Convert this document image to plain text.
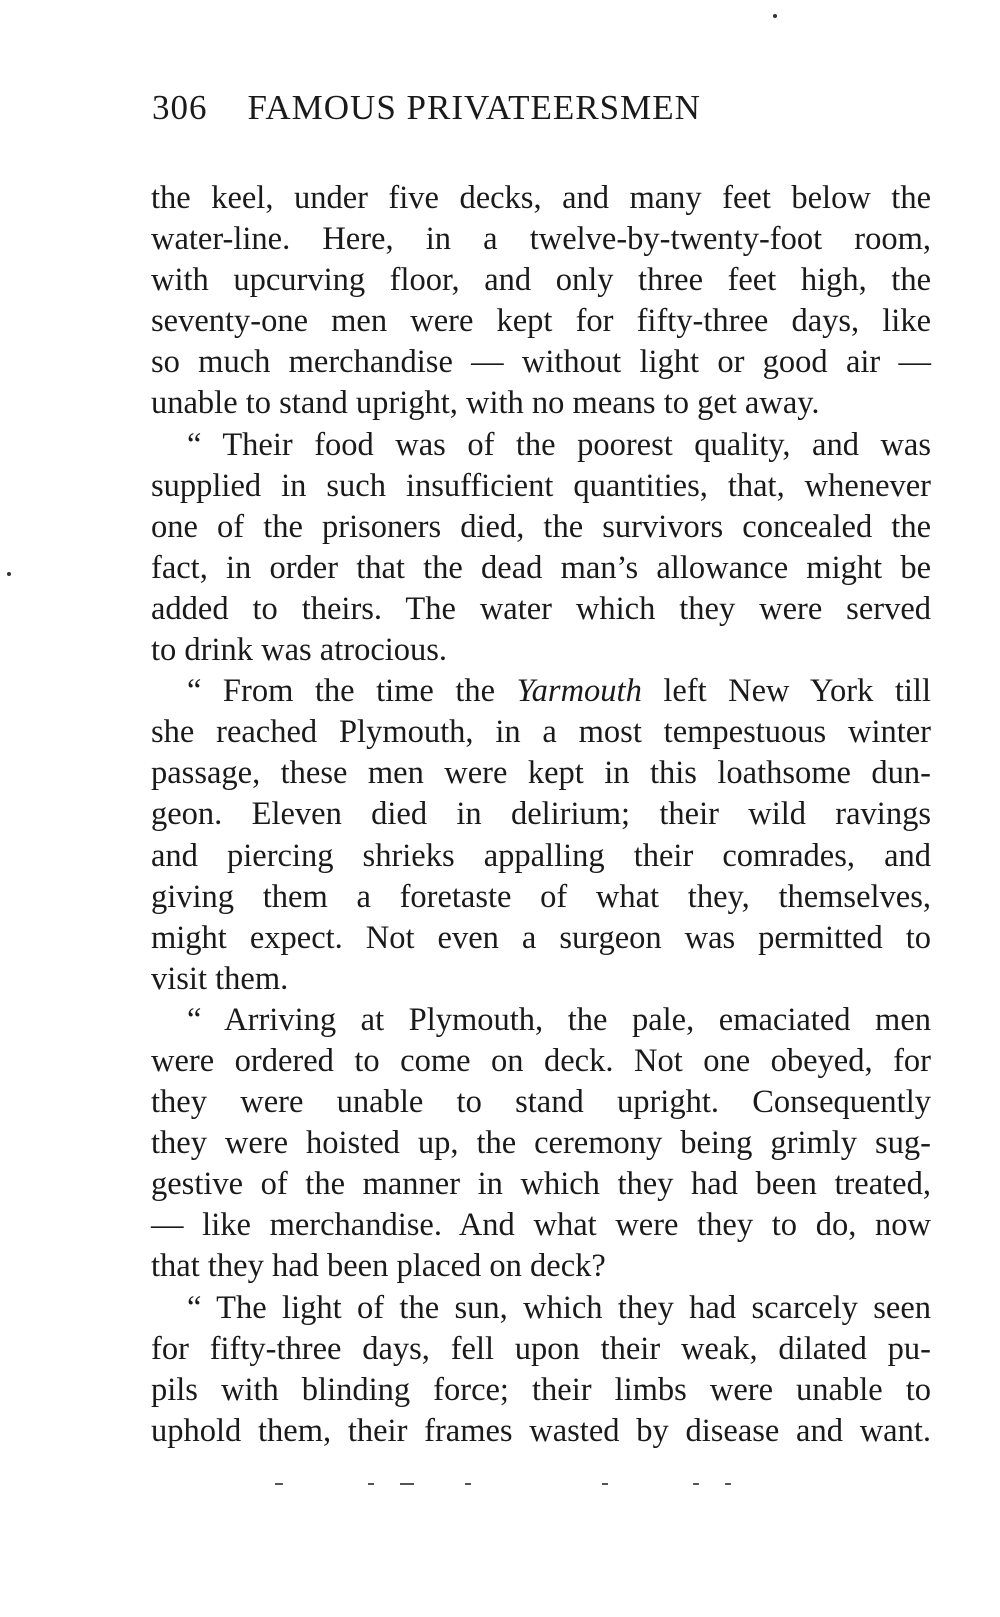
306 FAMOUS PRIVATEERSMEN
the keel, under five decks, and many feet below the
water-line. Here, in a twelve-by-twenty-foot room,
with upcurving floor, and only three feet high, the
seventy-one men were kept for fifty-three days, like
so much merchandise — without light or good air —
unable to stand upright, with no means to get away.
“ Their food was of the poorest quality, and was
supplied in such insufficient quantities, that, whenever
one of the prisoners died, the survivors concealed the
fact, in order that the dead man’s allowance might be
added to theirs. The water which they were served
to drink was atrocious.
“ From the time the Yarmouth left New York till
she reached Plymouth, in a most tempestuous winter
passage, these men were kept in this loathsome dun-
geon. Eleven died in delirium; their wild ravings
and piercing shrieks appalling their comrades, and
giving them a foretaste of what they, themselves,
might expect. Not even a surgeon was permitted to
visit them.
“ Arriving at Plymouth, the pale, emaciated men
were ordered to come on deck. Not one obeyed, for
they were unable to stand upright. Consequently
they were hoisted up, the ceremony being grimly sug-
gestive of the manner in which they had been treated,
— like merchandise. And what were they to do, now
that they had been placed on deck?
“ The light of the sun, which they had scarcely seen
for fifty-three days, fell upon their weak, dilated pu-
pils with blinding force; their limbs were unable to
uphold them, their frames wasted by disease and want.
